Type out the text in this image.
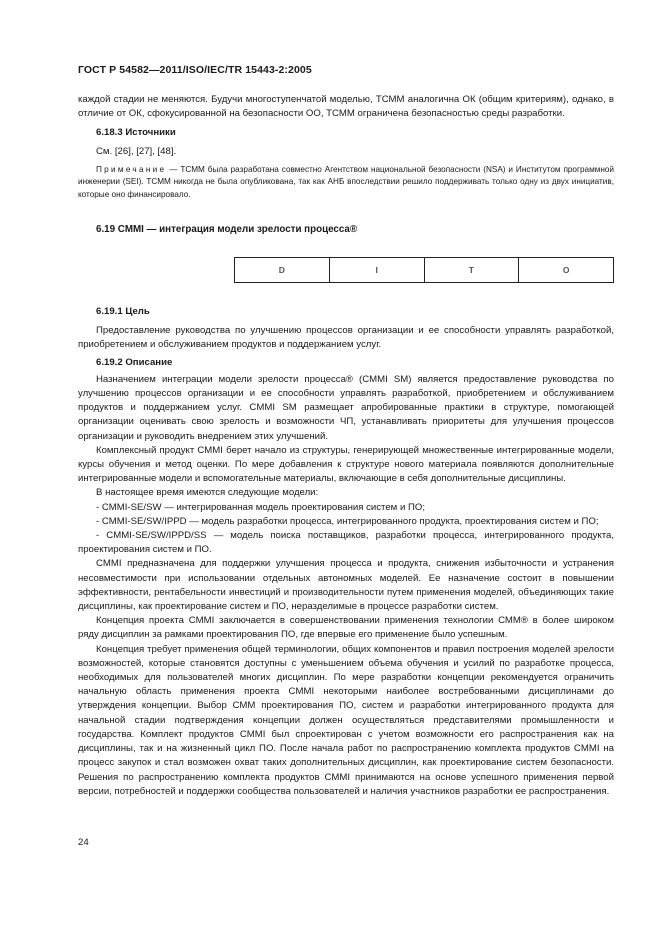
ГОСТ Р 54582—2011/ISO/IEC/TR 15443-2:2005

каждой стадии не меняются. Будучи многоступенчатой моделью, ТСММ аналогична ОК (общим критериям), однако, в отличие от ОК, сфокусированной на безопасности ОО, ТСММ ограничена безопасностью среды разработки.

6.18.3 Источники

См. [26], [27], [48].

Примечание — ТСММ была разработана совместно Агентством национальной безопасности (NSA) и Институтом программной инженерии (SEI). ТСММ никогда не была опубликована, так как АНБ впоследствии решило поддерживать только одну из двух инициатив, которые оно финансировало.

6.19 CMMI — интеграция модели зрелости процесса®

D	I	T	O

6.19.1 Цель

Предоставление руководства по улучшению процессов организации и ее способности управлять разработкой, приобретением и обслуживанием продуктов и поддержанием услуг.

6.19.2 Описание

Назначением интеграции модели зрелости процесса® (CMMI SM) является предоставление руководства по улучшению процессов организации и ее способности управлять разработкой, приобретением и обслуживанием продуктов и поддержанием услуг. CMMI SM размещает апробированные практики в структуре, помогающей организации оценивать свою зрелость и возможности ЧП, устанавливать приоритеты для улучшения процессов организации и руководить внедрением этих улучшений.

Комплексный продукт CMMI берет начало из структуры, генерирующей множественные интегрированные модели, курсы обучения и метод оценки. По мере добавления к структуре нового материала появляются дополнительные интегрированные модели и вспомогательные материалы, включающие в себя дополнительные дисциплины.

В настоящее время имеются следующие модели:

- CMMI-SE/SW — интегрированная модель проектирования систем и ПО;

- CMMI-SE/SW/IPPD — модель разработки процесса, интегрированного продукта, проектирования систем и ПО;

- CMMI-SE/SW/IPPD/SS — модель поиска поставщиков, разработки процесса, интегрированного продукта, проектирования систем и ПО.

CMMI предназначена для поддержки улучшения процесса и продукта, снижения избыточности и устранения несовместимости при использовании отдельных автономных моделей. Ее назначение состоит в повышении эффективности, рентабельности инвестиций и производительности путем применения моделей, объединяющих такие дисциплины, как проектирование систем и ПО, неразделимые в процессе разработки систем.

Концепция проекта CMMI заключается в совершенствовании применения технологии СММ® в более широком ряду дисциплин за рамками проектирования ПО, где впервые его применение было успешным.

Концепция требует применения общей терминологии, общих компонентов и правил построения моделей зрелости возможностей, которые становятся доступны с уменьшением объема обучения и усилий по разработке процесса, необходимых для пользователей многих дисциплин. По мере разработки концепции рекомендуется ограничить начальную область применения проекта CMMI некоторыми наиболее востребованными дисциплинами до утверждения концепции. Выбор СММ проектирования ПО, систем и разработки интегрированного продукта для начальной стадии подтверждения концепции должен осуществляться представителями промышленности и государства. Комплект продуктов CMMI был спроектирован с учетом возможности его распространения как на дисциплины, так и на жизненный цикл ПО. После начала работ по распространению комплекта продуктов CMMI на процесс закупок и стал возможен охват таких дополнительных дисциплин, как проектирование систем безопасности. Решения по распространению комплекта продуктов CMMI принимаются на основе успешного применения первой версии, потребностей и поддержки сообщества пользователей и наличия участников разработки ее распространения.

24
